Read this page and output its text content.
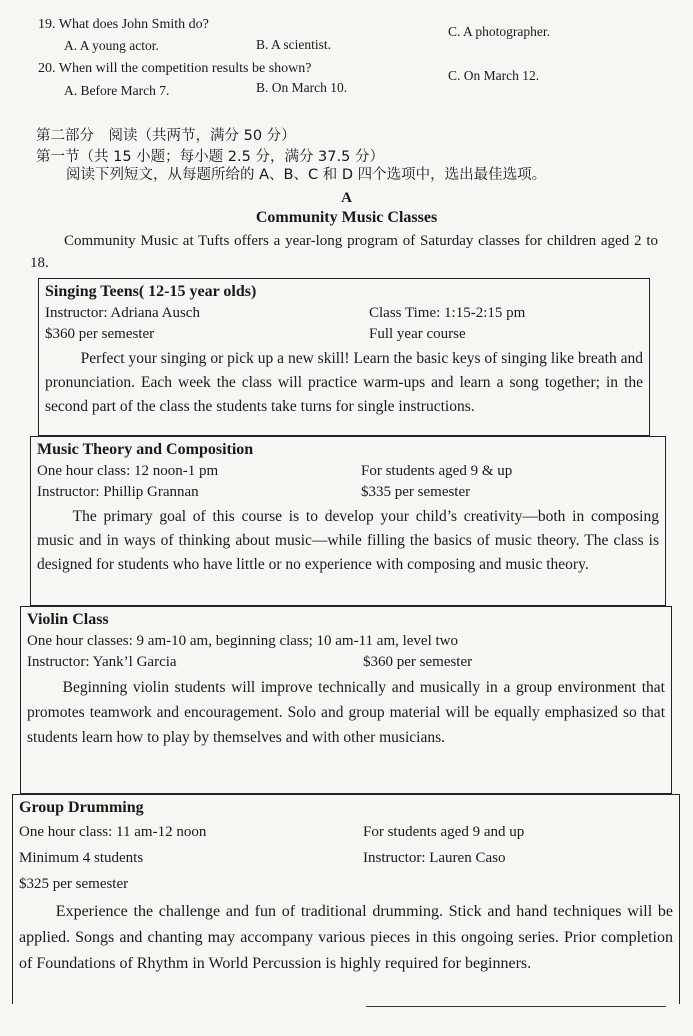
19. What does John Smith do?
A. A young actor.	B. A scientist.
C. A photographer.
20. When will the competition results be shown?
A. Before March 7.	B. On March 10.
C. On March 12.
第二部分　阅读（共两节，满分 50 分）
第一节（共 15 小题；每小题 2.5 分，满分 37.5 分）
阅读下列短文，从每题所给的 A、B、C 和 D 四个选项中，选出最佳选项。
A
Community Music Classes
Community Music at Tufts offers a year-long program of Saturday classes for children aged 2 to 18.
Singing Teens( 12-15 year olds)
Instructor: Adriana Ausch	Class Time: 1:15-2:15 pm
$360 per semester	Full year course

Perfect your singing or pick up a new skill! Learn the basic keys of singing like breath and pronunciation. Each week the class will practice warm-ups and learn a song together; in the second part of the class the students take turns for single instructions.

Music Theory and Composition
One hour class: 12 noon-1 pm	For students aged 9 & up
Instructor: Phillip Grannan	$335 per semester

The primary goal of this course is to develop your child’s creativity—both in composing music and in ways of thinking about music—while filling the basics of music theory. The class is designed for students who have little or no experience with composing and music theory.

Violin Class
One hour classes: 9 am-10 am, beginning class; 10 am-11 am, level two
Instructor: Yank’l Garcia	$360 per semester

Beginning violin students will improve technically and musically in a group environment that promotes teamwork and encouragement. Solo and group material will be equally emphasized so that students learn how to play by themselves and with other musicians.

Group Drumming
One hour class: 11 am-12 noon	For students aged 9 and up
Minimum 4 students	Instructor: Lauren Caso
$325 per semester

Experience the challenge and fun of traditional drumming. Stick and hand techniques will be applied. Songs and chanting may accompany various pieces in this ongoing series. Prior completion of Foundations of Rhythm in World Percussion is highly required for beginners.
